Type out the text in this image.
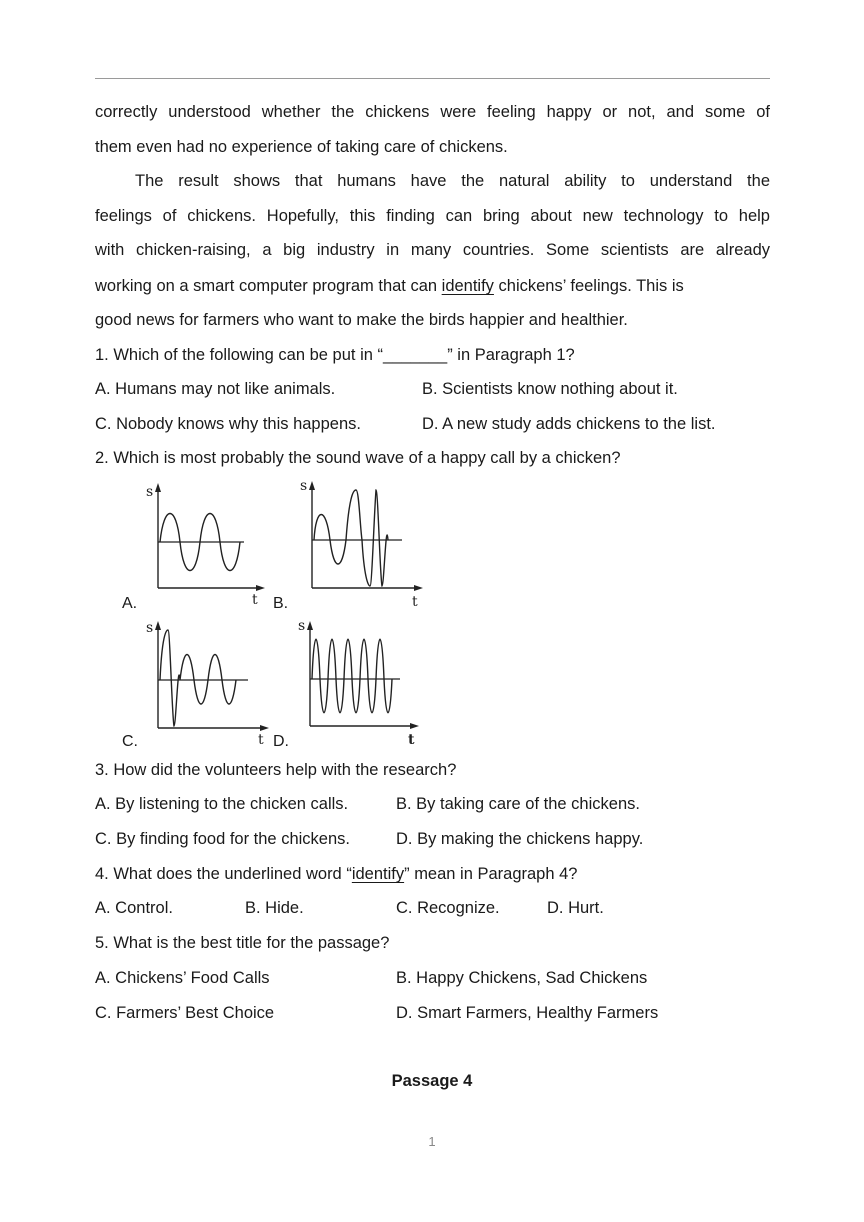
correctly understood whether the chickens were feeling happy or not, and some of
them even had no experience of taking care of chickens.
The result shows that humans have the natural ability to understand the
feelings of chickens. Hopefully, this finding can bring about new technology to help
with chicken-raising, a big industry in many countries. Some scientists are already
working on a smart computer program that can identify chickens’ feelings. This is
good news for farmers who want to make the birds happier and healthier.
1. Which of the following can be put in “_______” in Paragraph 1?
A. Humans may not like animals.	B. Scientists know nothing about it.
C. Nobody knows why this happens.	D. A new study adds chickens to the list.
2. Which is most probably the sound wave of a happy call by a chicken?
s
t
A.
s
t
B.
s
t
C.
s
t
D.
3. How did the volunteers help with the research?
A. By listening to the chicken calls.	B. By taking care of the chickens.
C. By finding food for the chickens.	D. By making the chickens happy.
4. What does the underlined word “identify” mean in Paragraph 4?
A. Control.	B. Hide.	C. Recognize.	D. Hurt.
5. What is the best title for the passage?
A. Chickens’ Food Calls	B. Happy Chickens, Sad Chickens
C. Farmers’ Best Choice	D. Smart Farmers, Healthy Farmers
Passage 4
1
